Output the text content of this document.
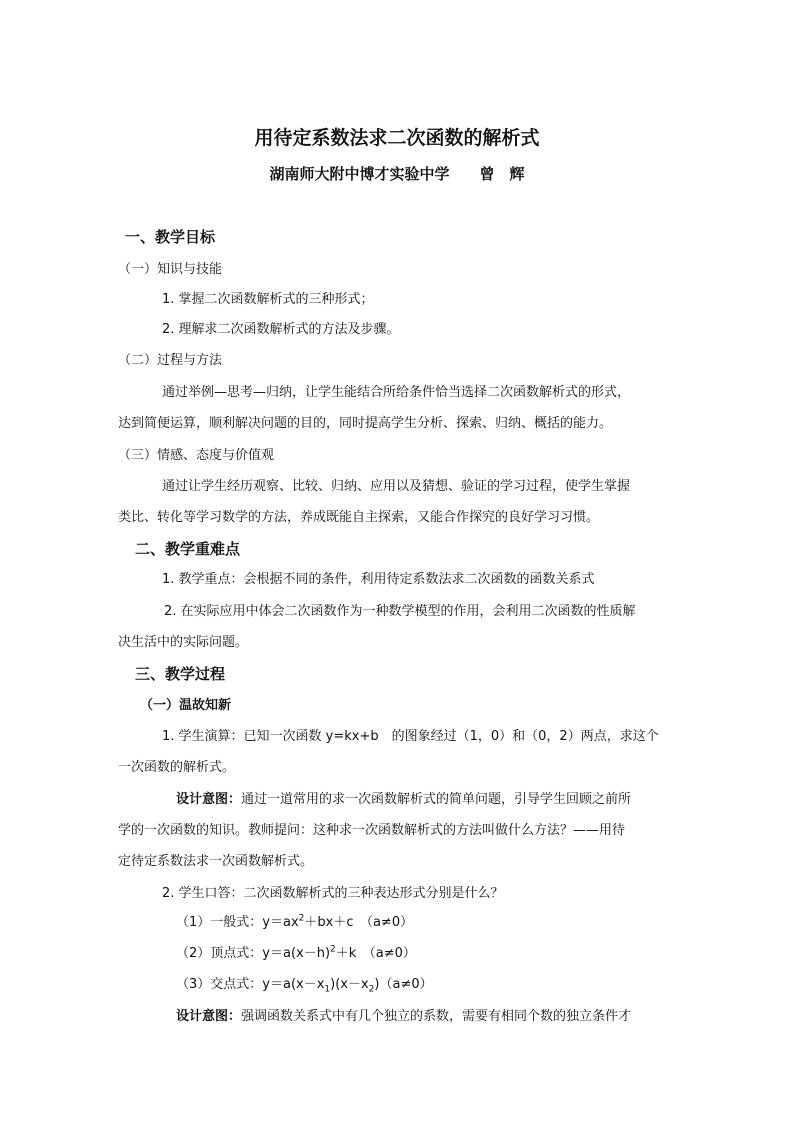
用待定系数法求二次函数的解析式
湖南师大附中博才实验中学　　曾　辉
一、教学目标
（一）知识与技能
1. 掌握二次函数解析式的三种形式；
2. 理解求二次函数解析式的方法及步骤。
（二）过程与方法
通过举例—思考—归纳，让学生能结合所给条件恰当选择二次函数解析式的形式，
达到简便运算，顺利解决问题的目的，同时提高学生分析、探索、归纳、概括的能力。
（三）情感、态度与价值观
通过让学生经历观察、比较、归纳、应用以及猜想、验证的学习过程，使学生掌握
类比、转化等学习数学的方法，养成既能自主探索，又能合作探究的良好学习习惯。
二、教学重难点
1. 教学重点：会根据不同的条件，利用待定系数法求二次函数的函数关系式
2. 在实际应用中体会二次函数作为一种数学模型的作用，会利用二次函数的性质解
决生活中的实际问题。
三、教学过程
（一）温故知新
1. 学生演算：已知一次函数 y=kx+b　的图象经过（1，0）和（0，2）两点，求这个
一次函数的解析式。
设计意图：通过一道常用的求一次函数解析式的简单问题，引导学生回顾之前所
学的一次函数的知识。教师提问：这种求一次函数解析式的方法叫做什么方法？——用待
定待定系数法求一次函数解析式。
2. 学生口答：二次函数解析式的三种表达形式分别是什么？
（1）一般式：$y=ax^2+bx+c$　（a≠0）
（2）顶点式：$y=a(x-h)^2+k$　（a≠0）
（3）交点式：$y=a(x-x_1)(x-x_2)(a\ne 0)$
设计意图：强调函数关系式中有几个独立的系数，需要有相同个数的独立条件才
